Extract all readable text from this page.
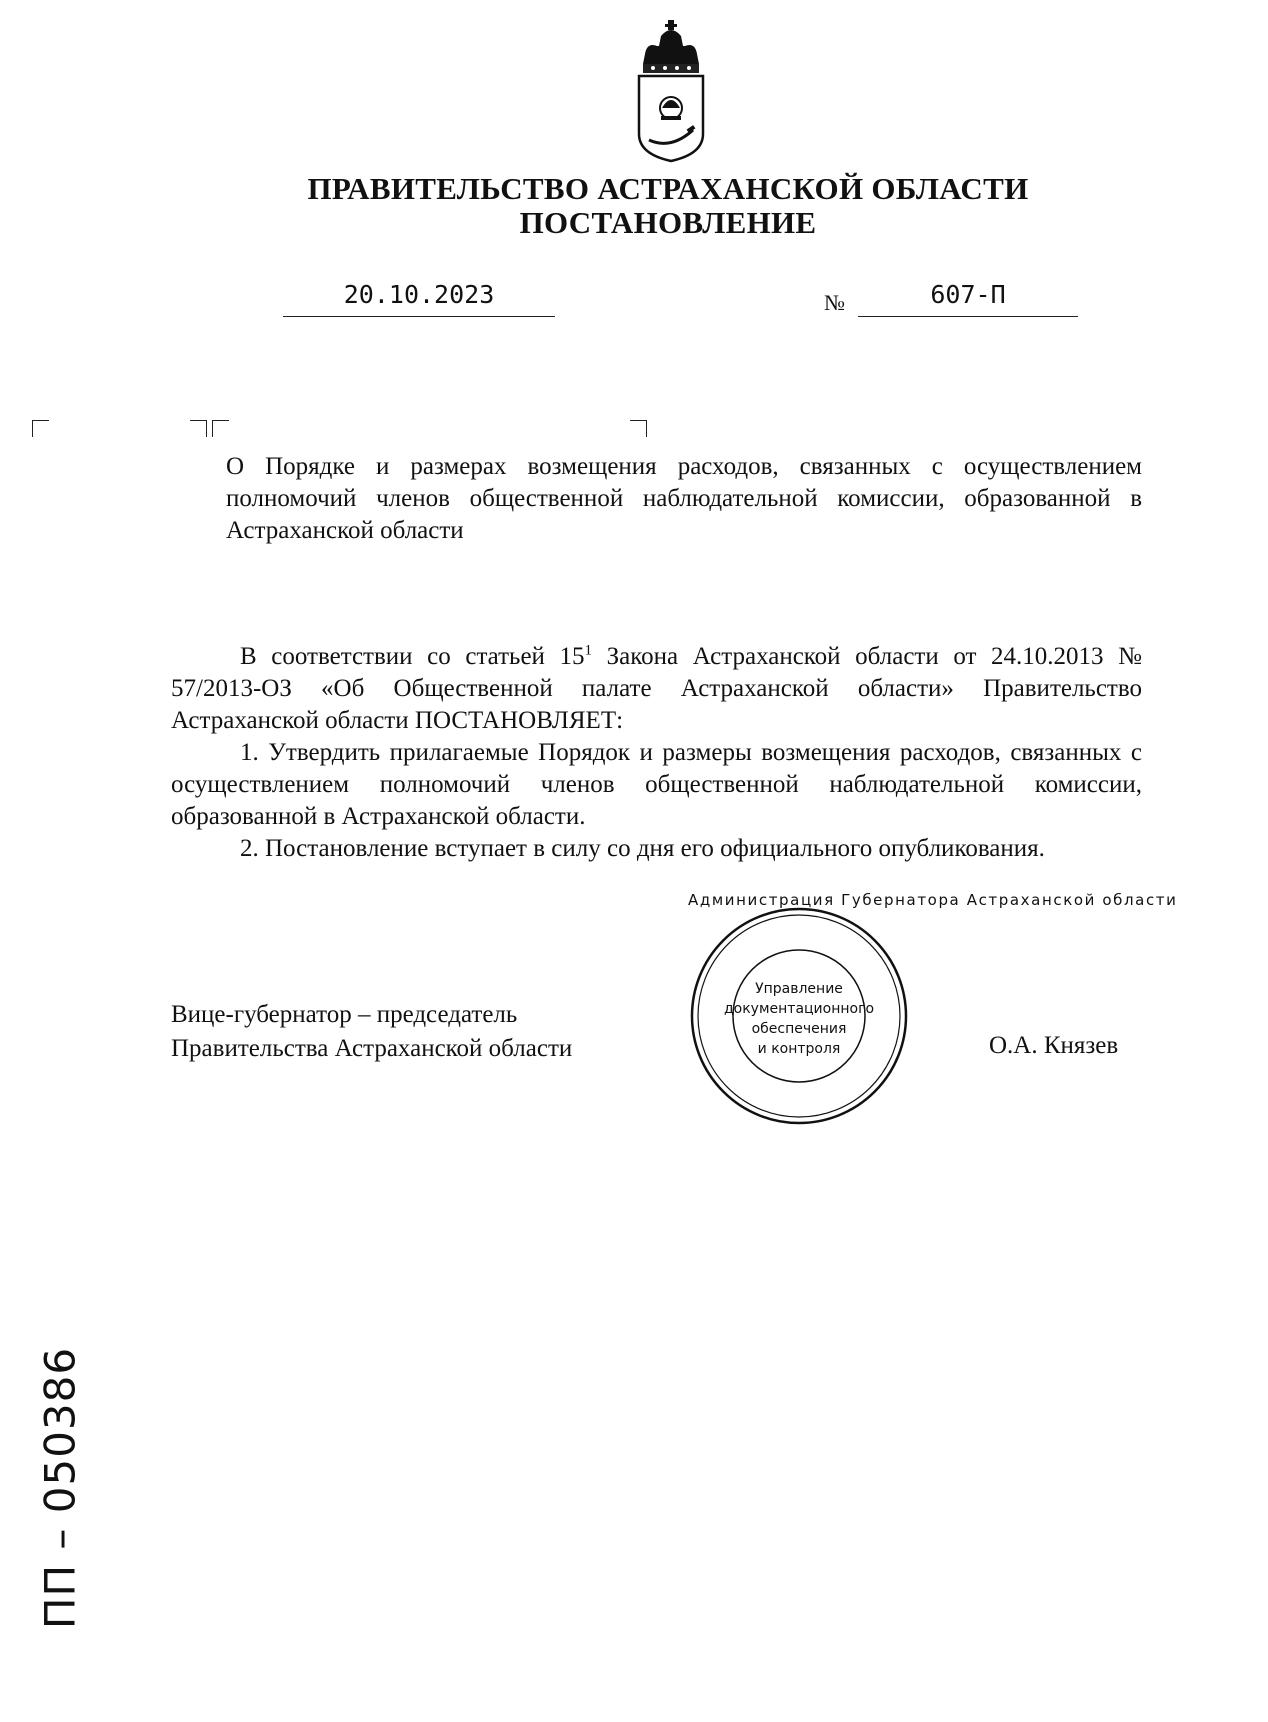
ПРАВИТЕЛЬСТВО АСТРАХАНСКОЙ ОБЛАСТИ
ПОСТАНОВЛЕНИЕ
20.10.2023	№	607-П
О Порядке и размерах возмещения расходов, связанных с осуществлением полномочий членов общественной наблюдательной комиссии, образованной в Астраханской области

В соответствии со статьей $15^1$ Закона Астраханской области от 24.10.2013 № 57/2013-ОЗ «Об Общественной палате Астраханской области» Правительство Астраханской области ПОСТАНОВЛЯЕТ:

1. Утвердить прилагаемые Порядок и размеры возмещения расходов, связанных с осуществлением полномочий членов общественной наблюдательной комиссии, образованной в Астраханской области.

2. Постановление вступает в силу со дня его официального опубликования.

Вице-губернатор – председатель
Правительства Астраханской области	О.А. Князев
Администрация Губернатора Астраханской области
Управление
документационного
обеспечения
и контроля
ПП – 050386
